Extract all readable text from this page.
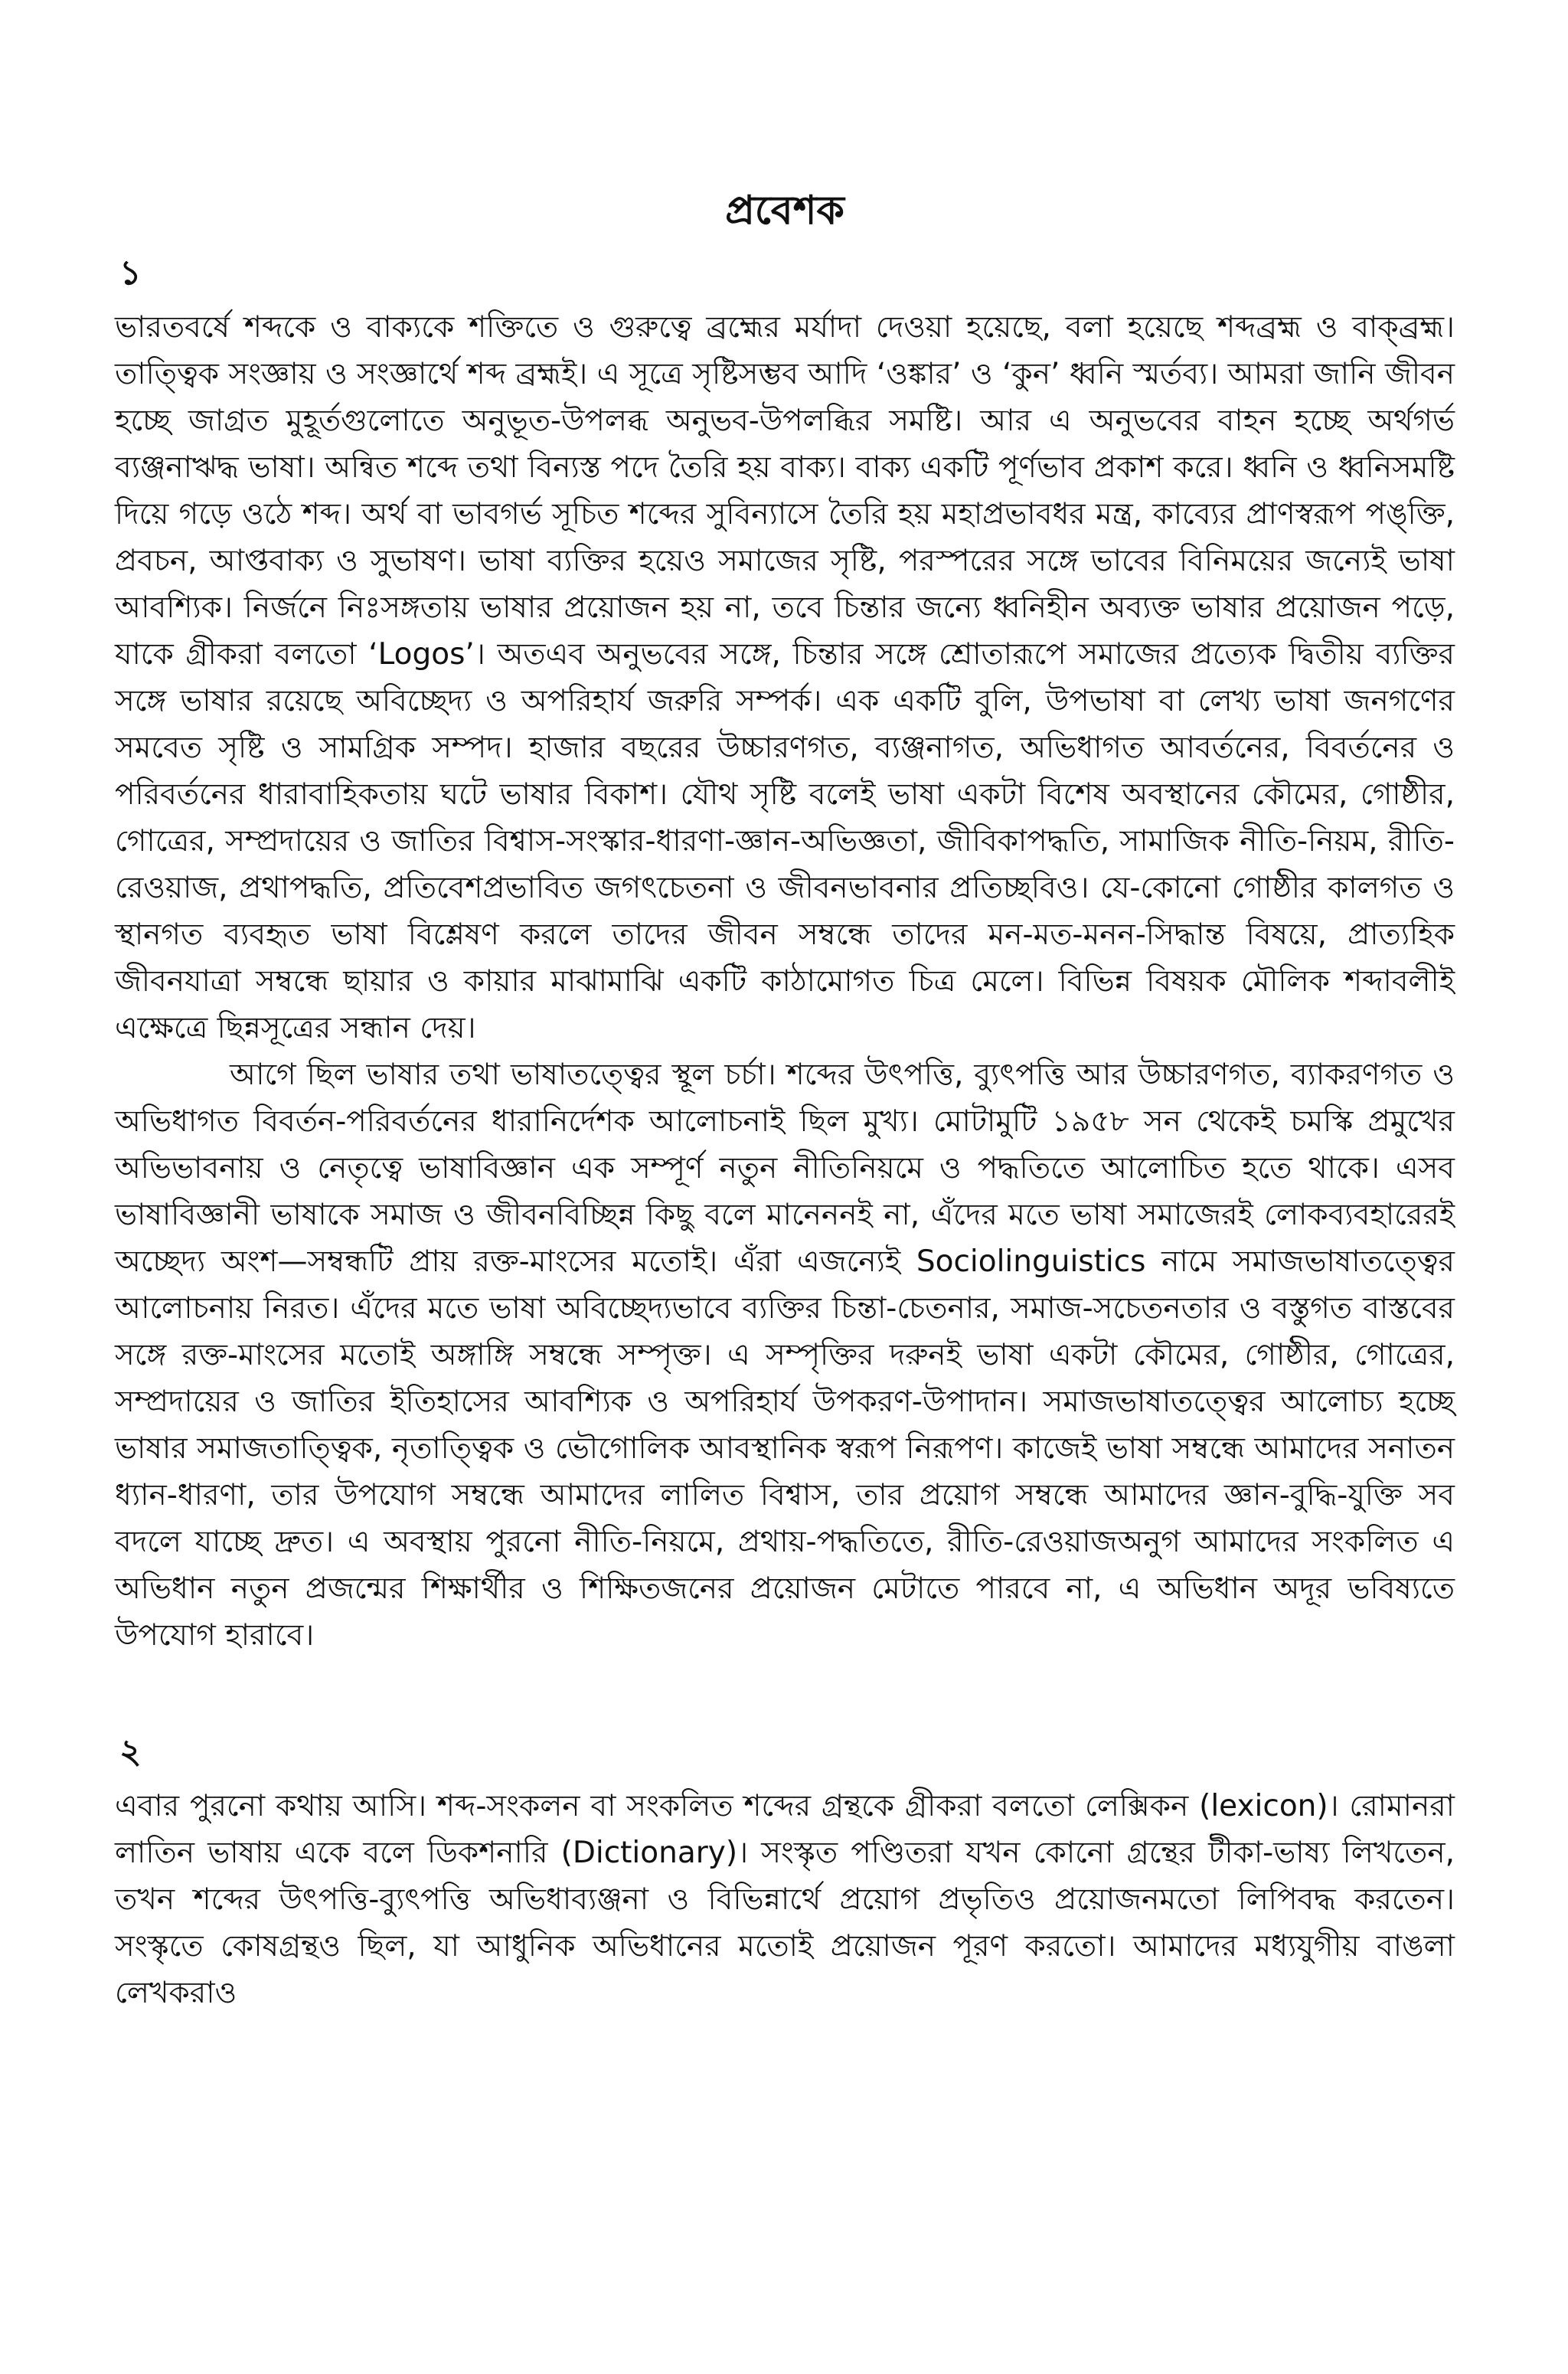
প্রবেশক
১

ভারতবর্ষে শব্দকে ও বাক্যকে শক্তিতে ও গুরুত্বে ব্রহ্মের মর্যাদা দেওয়া হয়েছে, বলা হয়েছে শব্দব্রহ্ম ও বাক্‌ব্রহ্ম। তাত্ত্বিক সংজ্ঞায় ও সংজ্ঞার্থে শব্দ ব্রহ্মই। এ সূত্রে সৃষ্টিসম্ভব আদি ‘ওঙ্কার’ ও ‘কুন’ ধ্বনি স্মর্তব্য। আমরা জানি জীবন হচ্ছে জাগ্রত মুহূর্তগুলোতে অনুভূত-উপলব্ধ অনুভব-উপলব্ধির সমষ্টি। আর এ অনুভবের বাহন হচ্ছে অর্থগর্ভ ব্যঞ্জনাঋদ্ধ ভাষা। অন্বিত শব্দে তথা বিন্যস্ত পদে তৈরি হয় বাক্য। বাক্য একটি পূর্ণভাব প্রকাশ করে। ধ্বনি ও ধ্বনিসমষ্টি দিয়ে গড়ে ওঠে শব্দ। অর্থ বা ভাবগর্ভ সূচিত শব্দের সুবিন্যাসে তৈরি হয় মহাপ্রভাবধর মন্ত্র, কাব্যের প্রাণস্বরূপ পঙ্‌ক্তি, প্রবচন, আপ্তবাক্য ও সুভাষণ। ভাষা ব্যক্তির হয়েও সমাজের সৃষ্টি, পরস্পরের সঙ্গে ভাবের বিনিময়ের জন্যেই ভাষা আবশ্যিক। নির্জনে নিঃসঙ্গতায় ভাষার প্রয়োজন হয় না, তবে চিন্তার জন্যে ধ্বনিহীন অব্যক্ত ভাষার প্রয়োজন পড়ে, যাকে গ্রীকরা বলতো ‘Logos’। অতএব অনুভবের সঙ্গে, চিন্তার সঙ্গে শ্রোতারূপে সমাজের প্রত্যেক দ্বিতীয় ব্যক্তির সঙ্গে ভাষার রয়েছে অবিচ্ছেদ্য ও অপরিহার্য জরুরি সম্পর্ক। এক একটি বুলি, উপভাষা বা লেখ্য ভাষা জনগণের সমবেত সৃষ্টি ও সামগ্রিক সম্পদ। হাজার বছরের উচ্চারণগত, ব্যঞ্জনাগত, অভিধাগত আবর্তনের, বিবর্তনের ও পরিবর্তনের ধারাবাহিকতায় ঘটে ভাষার বিকাশ। যৌথ সৃষ্টি বলেই ভাষা একটা বিশেষ অবস্থানের কৌমের, গোষ্ঠীর, গোত্রের, সম্প্রদায়ের ও জাতির বিশ্বাস-সংস্কার-ধারণা-জ্ঞান-অভিজ্ঞতা, জীবিকাপদ্ধতি, সামাজিক নীতি-নিয়ম, রীতি-রেওয়াজ, প্রথাপদ্ধতি, প্রতিবেশপ্রভাবিত জগৎচেতনা ও জীবনভাবনার প্রতিচ্ছবিও। যে-কোনো গোষ্ঠীর কালগত ও স্থানগত ব্যবহৃত ভাষা বিশ্লেষণ করলে তাদের জীবন সম্বন্ধে তাদের মন-মত-মনন-সিদ্ধান্ত বিষয়ে, প্রাত্যহিক জীবনযাত্রা সম্বন্ধে ছায়ার ও কায়ার মাঝামাঝি একটি কাঠামোগত চিত্র মেলে। বিভিন্ন বিষয়ক মৌলিক শব্দাবলীই এক্ষেত্রে ছিন্নসূত্রের সন্ধান দেয়।

আগে ছিল ভাষার তথা ভাষাতত্ত্বের স্থূল চর্চা। শব্দের উৎপত্তি, ব্যুৎপত্তি আর উচ্চারণগত, ব্যাকরণগত ও অভিধাগত বিবর্তন-পরিবর্তনের ধারানির্দেশক আলোচনাই ছিল মুখ্য। মোটামুটি ১৯৫৮ সন থেকেই চমস্কি প্রমুখের অভিভাবনায় ও নেতৃত্বে ভাষাবিজ্ঞান এক সম্পূর্ণ নতুন নীতিনিয়মে ও পদ্ধতিতে আলোচিত হতে থাকে। এসব ভাষাবিজ্ঞানী ভাষাকে সমাজ ও জীবনবিচ্ছিন্ন কিছু বলে মানেননই না, এঁদের মতে ভাষা সমাজেরই লোকব্যবহারেরই অচ্ছেদ্য অংশ—সম্বন্ধটি প্রায় রক্ত-মাংসের মতোই। এঁরা এজন্যেই Sociolinguistics নামে সমাজভাষাতত্ত্বের আলোচনায় নিরত। এঁদের মতে ভাষা অবিচ্ছেদ্যভাবে ব্যক্তির চিন্তা-চেতনার, সমাজ-সচেতনতার ও বস্তুগত বাস্তবের সঙ্গে রক্ত-মাংসের মতোই অঙ্গাঙ্গি সম্বন্ধে সম্পৃক্ত। এ সম্পৃক্তির দরুনই ভাষা একটা কৌমের, গোষ্ঠীর, গোত্রের, সম্প্রদায়ের ও জাতির ইতিহাসের আবশ্যিক ও অপরিহার্য উপকরণ-উপাদান। সমাজভাষাতত্ত্বের আলোচ্য হচ্ছে ভাষার সমাজতাত্ত্বিক, নৃতাত্ত্বিক ও ভৌগোলিক আবস্থানিক স্বরূপ নিরূপণ। কাজেই ভাষা সম্বন্ধে আমাদের সনাতন ধ্যান-ধারণা, তার উপযোগ সম্বন্ধে আমাদের লালিত বিশ্বাস, তার প্রয়োগ সম্বন্ধে আমাদের জ্ঞান-বুদ্ধি-যুক্তি সব বদলে যাচ্ছে দ্রুত। এ অবস্থায় পুরনো নীতি-নিয়মে, প্রথায়-পদ্ধতিতে, রীতি-রেওয়াজঅনুগ আমাদের সংকলিত এ অভিধান নতুন প্রজন্মের শিক্ষার্থীর ও শিক্ষিতজনের প্রয়োজন মেটাতে পারবে না, এ অভিধান অদূর ভবিষ্যতে উপযোগ হারাবে।

২

এবার পুরনো কথায় আসি। শব্দ-সংকলন বা সংকলিত শব্দের গ্রন্থকে গ্রীকরা বলতো লেক্সিকন (lexicon)। রোমানরা লাতিন ভাষায় একে বলে ডিকশনারি (Dictionary)। সংস্কৃত পণ্ডিতরা যখন কোনো গ্রন্থের টীকা-ভাষ্য লিখতেন, তখন শব্দের উৎপত্তি-ব্যুৎপত্তি অভিধাব্যঞ্জনা ও বিভিন্নার্থে প্রয়োগ প্রভৃতিও প্রয়োজনমতো লিপিবদ্ধ করতেন। সংস্কৃতে কোষগ্রন্থও ছিল, যা আধুনিক অভিধানের মতোই প্রয়োজন পূরণ করতো। আমাদের মধ্যযুগীয় বাঙলা লেখকরাও
